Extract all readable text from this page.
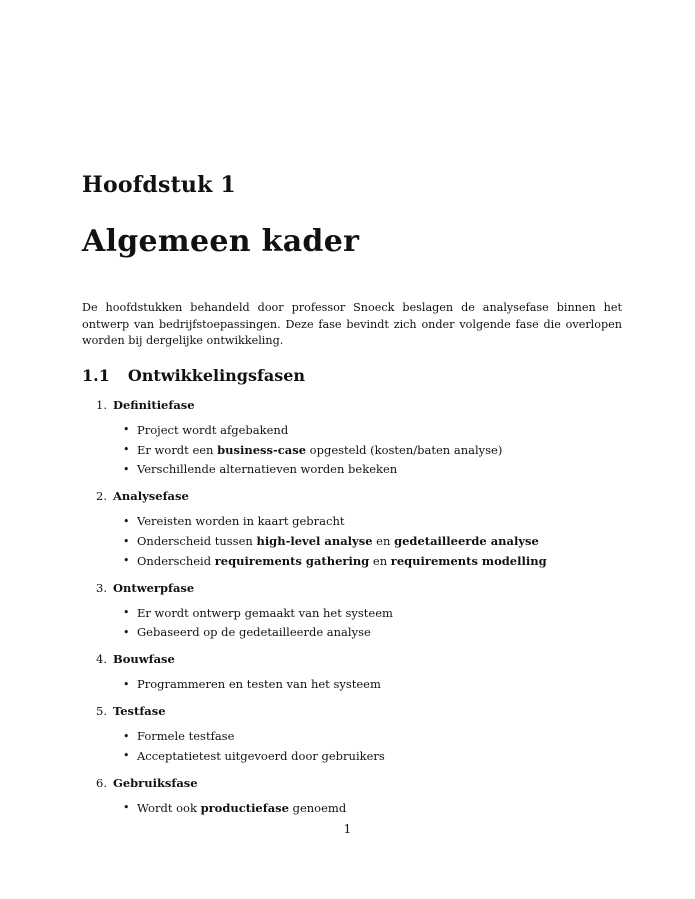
Hoofdstuk 1
Algemeen kader

De hoofdstukken behandeld door professor Snoeck beslagen de analysefase binnen het ontwerp van bedrijfstoepassingen. Deze fase bevindt zich onder volgende fase die overlopen worden bij dergelijke ontwikkeling.

1.1 Ontwikkelingsfasen
1. Definitiefase
• Project wordt afgebakend
• Er wordt een business-case opgesteld (kosten/baten analyse)
• Verschillende alternatieven worden bekeken
2. Analysefase
• Vereisten worden in kaart gebracht
• Onderscheid tussen high-level analyse en gedetailleerde analyse
• Onderscheid requirements gathering en requirements modelling
3. Ontwerpfase
• Er wordt ontwerp gemaakt van het systeem
• Gebaseerd op de gedetailleerde analyse
4. Bouwfase
• Programmeren en testen van het systeem
5. Testfase
• Formele testfase
• Acceptatietest uitgevoerd door gebruikers
6. Gebruiksfase
• Wordt ook productiefase genoemd
1
